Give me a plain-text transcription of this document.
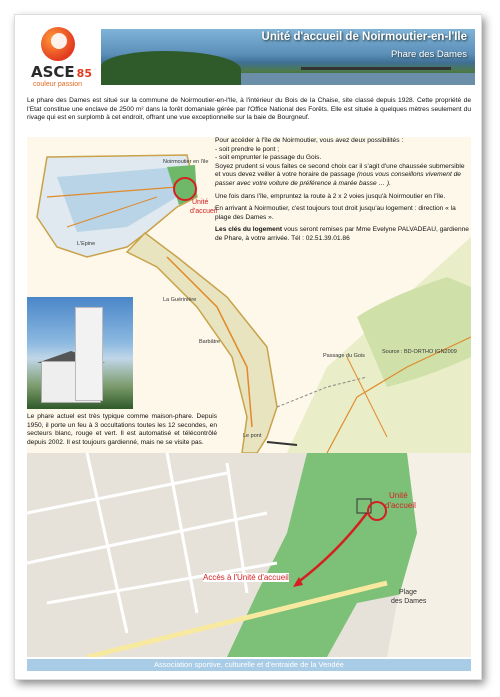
ASCE 85
couleur passion
Unité d'accueil de Noirmoutier-en-l'Ile
Phare des Dames
Le phare des Dames est situé sur la commune de Noirmoutier-en-l'Ile, à l'intérieur du Bois de la Chaise, site classé depuis 1928. Cette propriété de l'Etat constitue une enclave de 2500 m² dans la forêt domaniale gérée par l'Office National des Forêts. Elle est située à quelques mètres seulement du rivage qui est en surplomb à cet endroit, offrant une vue exceptionnelle sur la baie de Bourgneuf.
Noirmoutier en l'ile
Unité
d'accueil
L'Epine
La Guérinière
Barbâtre
Passage du Gois
Le pont
Source : BD-ORTHO IGN2009

Pour accéder à l'île de Noirmoutier, vous avez deux possibilités :
- soit prendre le pont ;
- soit emprunter le passage du Gois.
Soyez prudent si vous faites ce second choix car il s'agit d'une chaussée submersible et vous devez veiller à votre horaire de passage (nous vous conseillons vivement de passer avec votre voiture de préférence à marée basse … ).

Une fois dans l'île, empruntez la route à 2 x 2 voies jusqu'à Noirmoutier en l'île.

En arrivant à Noirmoutier, c'est toujours tout droit jusqu'au logement : direction « la plage des Dames ».

Les clés du logement vous seront remises par Mme Evelyne PALVADEAU, gardienne de Phare, à votre arrivée. Tél : 02.51.39.01.86

Le phare actuel est très typique comme maison-phare. Depuis 1950, il porte un feu à 3 occultations toutes les 12 secondes, en secteurs blanc, rouge et vert. Il est automatisé et télécontrôlé depuis 2002. Il est toujours gardienné, mais ne se visite pas.
Unité
d'accueil
Accès à l'Unité d'accueil
Plage
des Dames
Association sportive, culturelle et d'entraide de la Vendée
